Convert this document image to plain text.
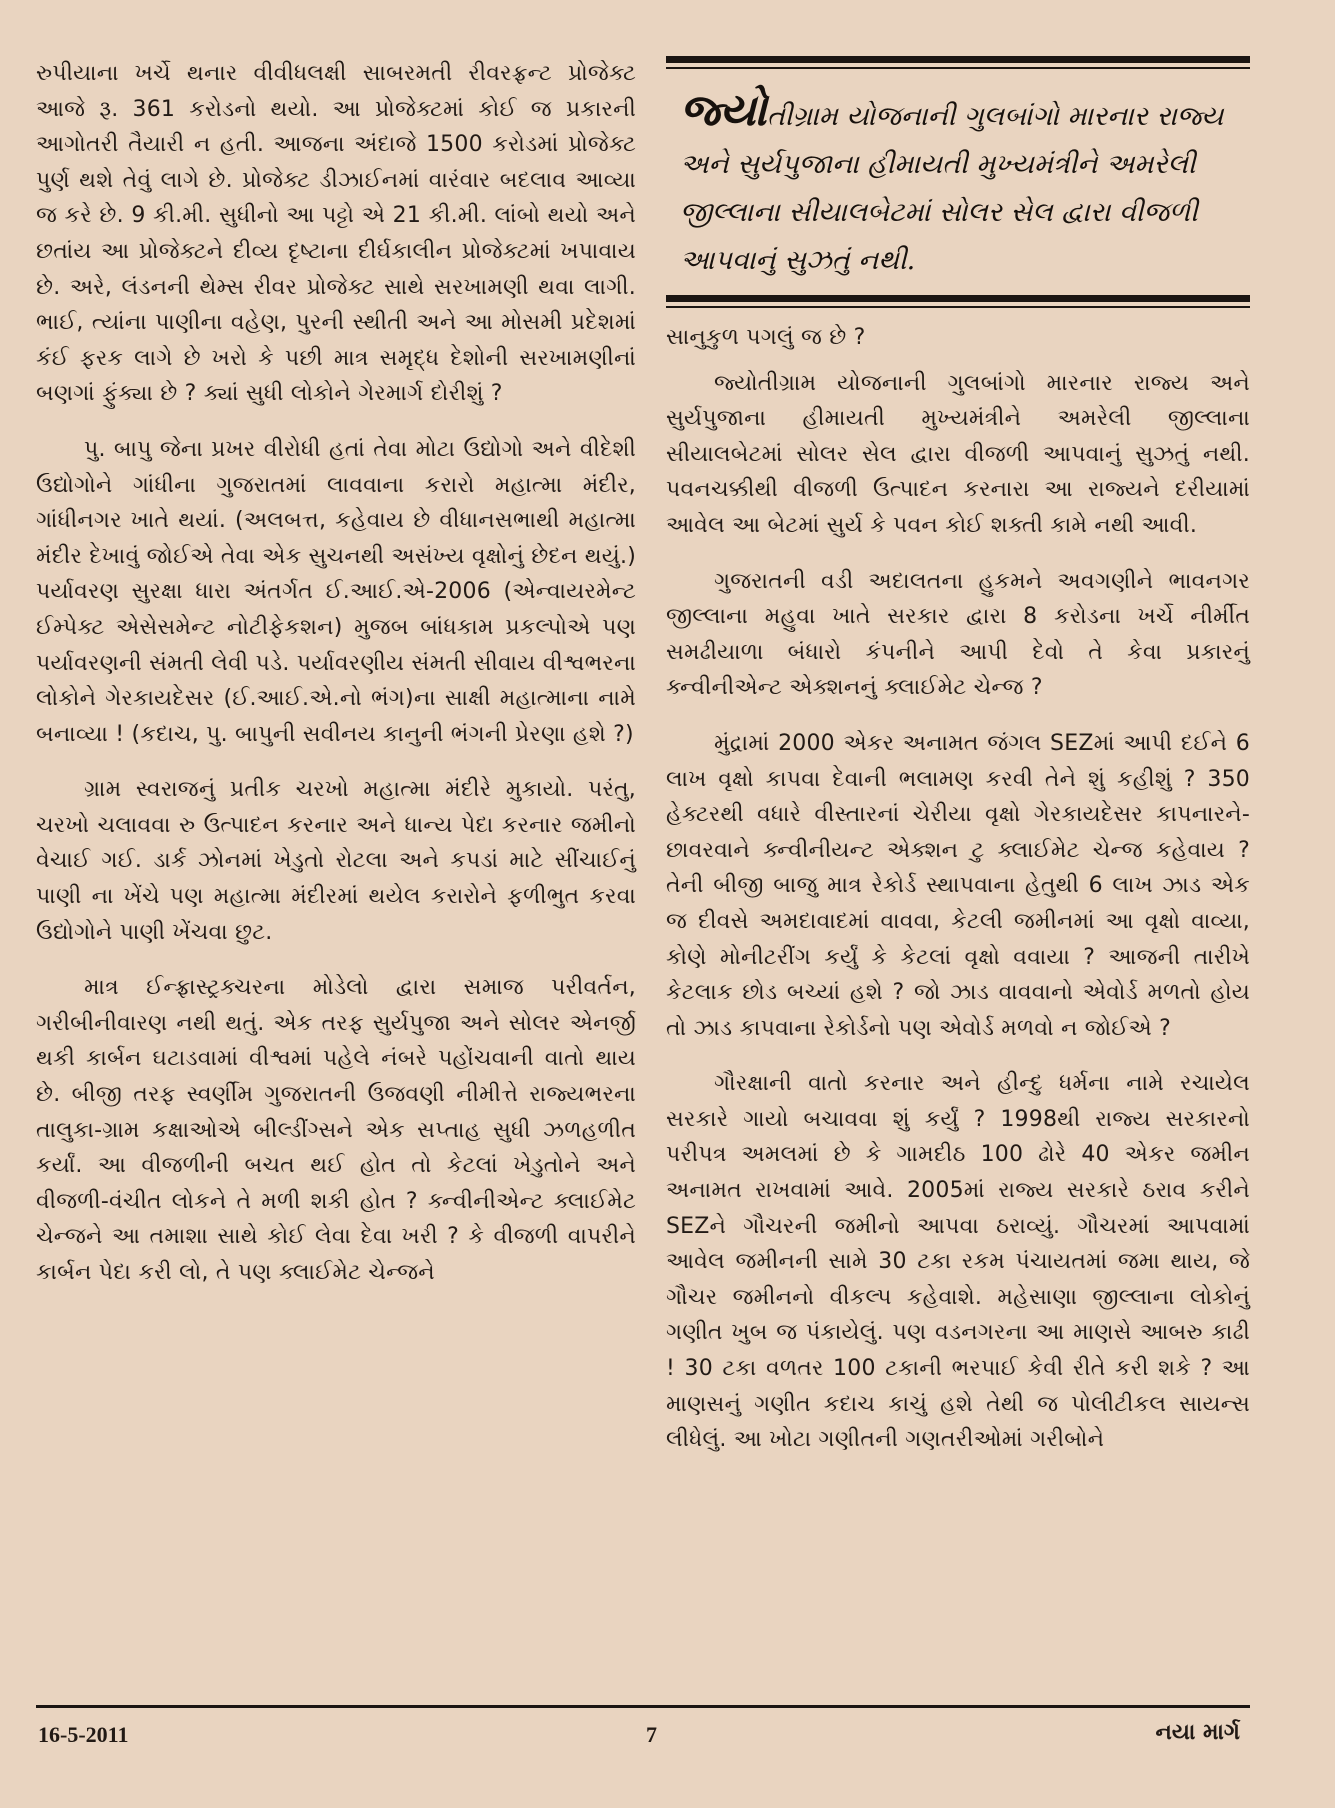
રુપીયાના ખર્ચે થનાર વીવીધલક્ષી સાબરમતી રીવરફ્રન્ટ પ્રોજેક્ટ આજે રૂ. 361 કરોડનો થયો. આ પ્રોજેક્ટમાં કોઈ જ પ્રકારની આગોતરી તૈયારી ન હતી. આજના અંદાજે 1500 કરોડમાં પ્રોજેક્ટ પુર્ણ થશે તેવું લાગે છે. પ્રોજેક્ટ ડીઝાઈનમાં વારંવાર બદલાવ આવ્યા જ કરે છે. 9 કી.મી. સુધીનો આ પટ્ટો એ 21 કી.મી. લાંબો થયો અને છતાંય આ પ્રોજેક્ટને દીવ્ય દૃષ્ટાના દીર્ઘકાલીન પ્રોજેક્ટમાં ખપાવાય છે. અરે, લંડનની થેમ્સ રીવર પ્રોજેક્ટ સાથે સરખામણી થવા લાગી. ભાઈ, ત્યાંના પાણીના વહેણ, પુરની સ્થીતી અને આ મોસમી પ્રદેશમાં કંઈ ફરક લાગે છે ખરો કે પછી માત્ર સમૃદ્ધ દેશોની સરખામણીનાં બણગાં ફુંક્યા છે ? ક્યાં સુધી લોકોને ગેરમાર્ગ દોરીશું ?

પુ. બાપુ જેના પ્રખર વીરોધી હતાં તેવા મોટા ઉદ્યોગો અને વીદેશી ઉદ્યોગોને ગાંધીના ગુજરાતમાં લાવવાના કરારો મહાત્મા મંદીર, ગાંધીનગર ખાતે થયાં. (અલબત્ત, કહેવાય છે વીધાનસભાથી મહાત્મા મંદીર દેખાવું જોઈએ તેવા એક સુચનથી અસંખ્ય વૃક્ષોનું છેદન થયું.) પર્યાવરણ સુરક્ષા ધારા અંતર્ગત ઈ.આઈ.એ-2006 (એન્વાયરમેન્ટ ઈમ્પેક્ટ એસેસમેન્ટ નોટીફેકશન) મુજબ બાંધકામ પ્રકલ્પોએ પણ પર્યાવરણની સંમતી લેવી પડે. પર્યાવરણીય સંમતી સીવાય વીશ્વભરના લોકોને ગેરકાયદેસર (ઈ.આઈ.એ.નો ભંગ)ના સાક્ષી મહાત્માના નામે બનાવ્યા ! (કદાચ, પુ. બાપુની સવીનય કાનુની ભંગની પ્રેરણા હશે ?)

ગ્રામ સ્વરાજનું પ્રતીક ચરખો મહાત્મા મંદીરે મુકાયો. પરંતુ, ચરખો ચલાવવા રુ ઉત્પાદન કરનાર અને ધાન્ય પેદા કરનાર જમીનો વેચાઈ ગઈ. ડાર્ક ઝોનમાં ખેડુતો રોટલા અને કપડાં માટે સીંચાઈનું પાણી ના ખેંચે પણ મહાત્મા મંદીરમાં થયેલ કરારોને ફળીભુત કરવા ઉદ્યોગોને પાણી ખેંચવા છુટ.

માત્ર ઈન્ફ્રાસ્ટ્રક્ચરના મોડેલો દ્વારા સમાજ પરીવર્તન, ગરીબીનીવારણ નથી થતું. એક તરફ સુર્યપુજા અને સોલર એનર્જી થકી કાર્બન ઘટાડવામાં વીશ્વમાં પહેલે નંબરે પહોંચવાની વાતો થાય છે. બીજી તરફ સ્વર્ણીમ ગુજરાતની ઉજવણી નીમીત્તે રાજ્યભરના તાલુકા-ગ્રામ કક્ષાઓએ બીલ્ડીંગ્સને એક સપ્તાહ સુધી ઝળહળીત કર્યાં. આ વીજળીની બચત થઈ હોત તો કેટલાં ખેડુતોને અને વીજળી-વંચીત લોકને તે મળી શકી હોત ? ક્ન્વીનીએન્ટ ક્લાઈમેટ ચેન્જને આ તમાશા સાથે કોઈ લેવા દેવા ખરી ? કે વીજળી વાપરીને કાર્બન પેદા કરી લો, તે પણ ક્લાઈમેટ ચેન્જને

જ્યોતીગ્રામ યોજનાની ગુલબાંગો મારનાર રાજ્ય અને સુર્યપુજાના હીમાયતી મુખ્યમંત્રીને અમરેલી જીલ્લાના સીયાલબેટમાં સોલર સેલ દ્વારા વીજળી આપવાનું સુઝતું નથી.

સાનુકુળ પગલું જ છે ?

જ્યોતીગ્રામ યોજનાની ગુલબાંગો મારનાર રાજ્ય અને સુર્યપુજાના હીમાયતી મુખ્યમંત્રીને અમરેલી જીલ્લાના સીયાલબેટમાં સોલર સેલ દ્વારા વીજળી આપવાનું સુઝતું નથી. પવનચક્કીથી વીજળી ઉત્પાદન કરનારા આ રાજ્યને દરીયામાં આવેલ આ બેટમાં સુર્ય કે પવન કોઈ શક્તી કામે નથી આવી.

ગુજરાતની વડી અદાલતના હુકમને અવગણીને ભાવનગર જીલ્લાના મહુવા ખાતે સરકાર દ્વારા 8 કરોડના ખર્ચે નીર્મીત સમઢીયાળા બંધારો કંપનીને આપી દેવો તે કેવા પ્રકારનું ક્ન્વીનીએન્ટ એક્શનનું ક્લાઈમેટ ચેન્જ ?

મુંદ્રામાં 2000 એકર અનામત જંગલ SEZમાં આપી દઈને 6 લાખ વૃક્ષો કાપવા દેવાની ભલામણ કરવી તેને શું કહીશું ? 350 હેક્ટરથી વધારે વીસ્તારનાં ચેરીયા વૃક્ષો ગેરકાયદેસર કાપનારને-છાવરવાને ક્ન્વીનીયન્ટ એક્શન ટુ ક્લાઈમેટ ચેન્જ કહેવાય ? તેની બીજી બાજુ માત્ર રેકોર્ડ સ્થાપવાના હેતુથી 6 લાખ ઝાડ એક જ દીવસે અમદાવાદમાં વાવવા, કેટલી જમીનમાં આ વૃક્ષો વાવ્યા, કોણે મોનીટરીંગ કર્યું કે કેટલાં વૃક્ષો વવાયા ? આજની તારીખે કેટલાક છોડ બચ્યાં હશે ? જો ઝાડ વાવવાનો એવોર્ડ મળતો હોય તો ઝાડ કાપવાના રેકોર્ડનો પણ એવોર્ડ મળવો ન જોઈએ ?

ગૌરક્ષાની વાતો કરનાર અને હીન્દુ ધર્મના નામે રચાયેલ સરકારે ગાયો બચાવવા શું કર્યું ? 1998થી રાજ્ય સરકારનો પરીપત્ર અમલમાં છે કે ગામદીઠ 100 ઢોરે 40 એકર જમીન અનામત રાખવામાં આવે. 2005માં રાજ્ય સરકારે ઠરાવ કરીને SEZને ગૌચરની જમીનો આપવા ઠરાવ્યું. ગૌચરમાં આપવામાં આવેલ જમીનની સામે 30 ટકા રકમ પંચાયતમાં જમા થાય, જે ગૌચર જમીનનો વીકલ્પ કહેવાશે. મહેસાણા જીલ્લાના લોકોનું ગણીત ખુબ જ પંકાયેલું. પણ વડનગરના આ માણસે આબરુ કાઢી ! 30 ટકા વળતર 100 ટકાની ભરપાઈ કેવી રીતે કરી શકે ? આ માણસનું ગણીત કદાચ કાચું હશે તેથી જ પોલીટીકલ સાયન્સ લીધેલું. આ ખોટા ગણીતની ગણતરીઓમાં ગરીબોને

16-5-2011	7	નયા માર્ગ
